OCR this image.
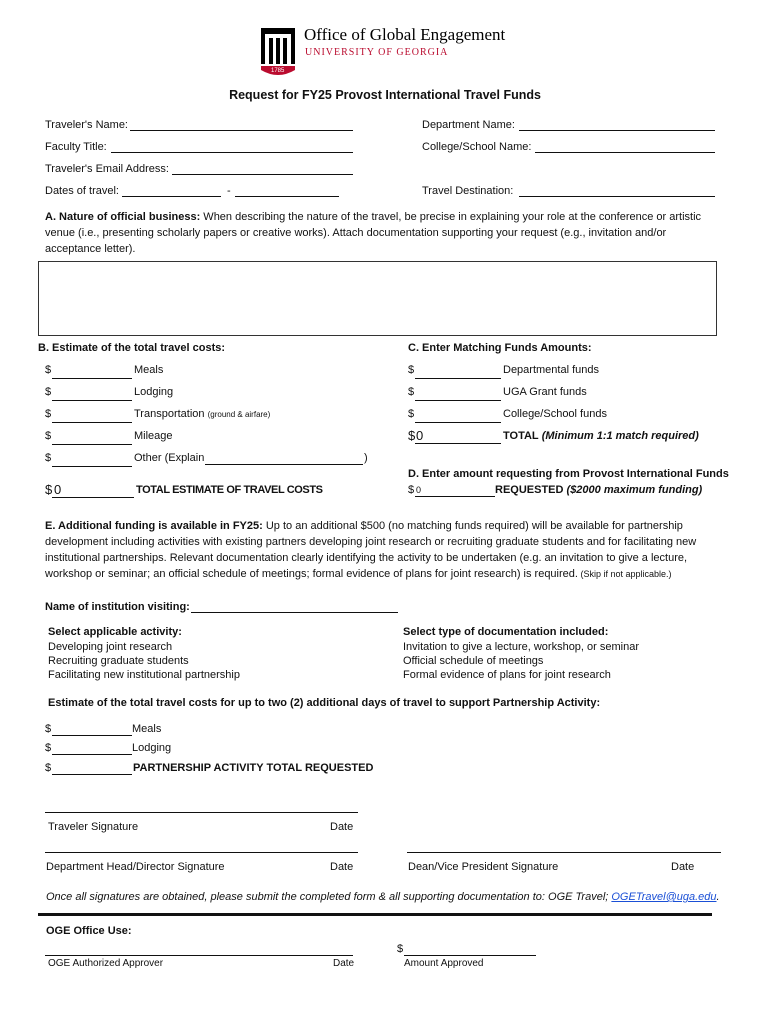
1785
Office of Global Engagement
UNIVERSITY OF GEORGIA
Request for FY25 Provost International Travel Funds
Traveler's Name:	Department Name:
Faculty Title:	College/School Name:
Traveler's Email Address:
Dates of travel:	-	Travel Destination:
A. Nature of official business: When describing the nature of the travel, be precise in explaining your role at the conference or artistic venue (i.e., presenting scholarly papers or creative works). Attach documentation supporting your request (e.g., invitation and/or acceptance letter).
B. Estimate of the total travel costs:
$	Meals
$	Lodging
$	Transportation (ground & airfare)
$	Mileage
$	Other (Explain	)
$ 0	TOTAL ESTIMATE OF TRAVEL COSTS
C. Enter Matching Funds Amounts:
$	Departmental funds
$	UGA Grant funds
$	College/School funds
$ 0	TOTAL (Minimum 1:1 match required)
D. Enter amount requesting from Provost International Funds
$ 0	REQUESTED ($2000 maximum funding)
E. Additional funding is available in FY25: Up to an additional $500 (no matching funds required) will be available for partnership development including activities with existing partners developing joint research or recruiting graduate students and for facilitating new institutional partnerships. Relevant documentation clearly identifying the activity to be undertaken (e.g. an invitation to give a lecture, workshop or seminar; an official schedule of meetings; formal evidence of plans for joint research) is required. (Skip if not applicable.)
Name of institution visiting:
Select applicable activity:
Developing joint research
Recruiting graduate students
Facilitating new institutional partnership
Select type of documentation included:
Invitation to give a lecture, workshop, or seminar
Official schedule of meetings
Formal evidence of plans for joint research
Estimate of the total travel costs for up to two (2) additional days of travel to support Partnership Activity:
$	Meals
$	Lodging
$	PARTNERSHIP ACTIVITY TOTAL REQUESTED
Traveler Signature	Date
Department Head/Director Signature	Date	Dean/Vice President Signature	Date
Once all signatures are obtained, please submit the completed form & all supporting documentation to: OGE Travel; OGETravel@uga.edu.
OGE Office Use:
OGE Authorized Approver	Date
$
Amount Approved
